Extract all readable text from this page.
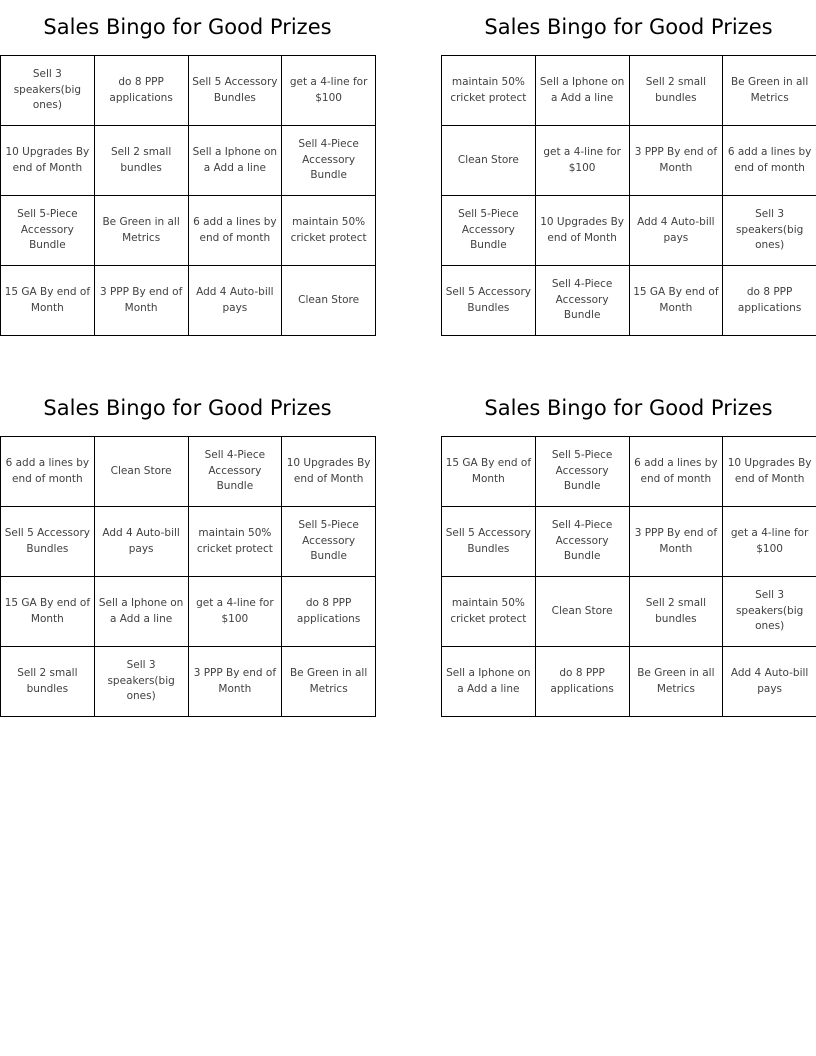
Sales Bingo for Good Prizes
Sell 3 speakers(big ones)	do 8 PPP applications	Sell 5 Accessory Bundles	get a 4-line for $100
10 Upgrades By end of Month	Sell 2 small bundles	Sell a Iphone on a Add a line	Sell 4-Piece Accessory Bundle
Sell 5-Piece Accessory Bundle	Be Green in all Metrics	6 add a lines by end of month	maintain 50% cricket protect
15 GA By end of Month	3 PPP By end of Month	Add 4 Auto-bill pays	Clean Store
Sales Bingo for Good Prizes
maintain 50% cricket protect	Sell a Iphone on a Add a line	Sell 2 small bundles	Be Green in all Metrics
Clean Store	get a 4-line for $100	3 PPP By end of Month	6 add a lines by end of month
Sell 5-Piece Accessory Bundle	10 Upgrades By end of Month	Add 4 Auto-bill pays	Sell 3 speakers(big ones)
Sell 5 Accessory Bundles	Sell 4-Piece Accessory Bundle	15 GA By end of Month	do 8 PPP applications
Sales Bingo for Good Prizes
6 add a lines by end of month	Clean Store	Sell 4-Piece Accessory Bundle	10 Upgrades By end of Month
Sell 5 Accessory Bundles	Add 4 Auto-bill pays	maintain 50% cricket protect	Sell 5-Piece Accessory Bundle
15 GA By end of Month	Sell a Iphone on a Add a line	get a 4-line for $100	do 8 PPP applications
Sell 2 small bundles	Sell 3 speakers(big ones)	3 PPP By end of Month	Be Green in all Metrics
Sales Bingo for Good Prizes
15 GA By end of Month	Sell 5-Piece Accessory Bundle	6 add a lines by end of month	10 Upgrades By end of Month
Sell 5 Accessory Bundles	Sell 4-Piece Accessory Bundle	3 PPP By end of Month	get a 4-line for $100
maintain 50% cricket protect	Clean Store	Sell 2 small bundles	Sell 3 speakers(big ones)
Sell a Iphone on a Add a line	do 8 PPP applications	Be Green in all Metrics	Add 4 Auto-bill pays
